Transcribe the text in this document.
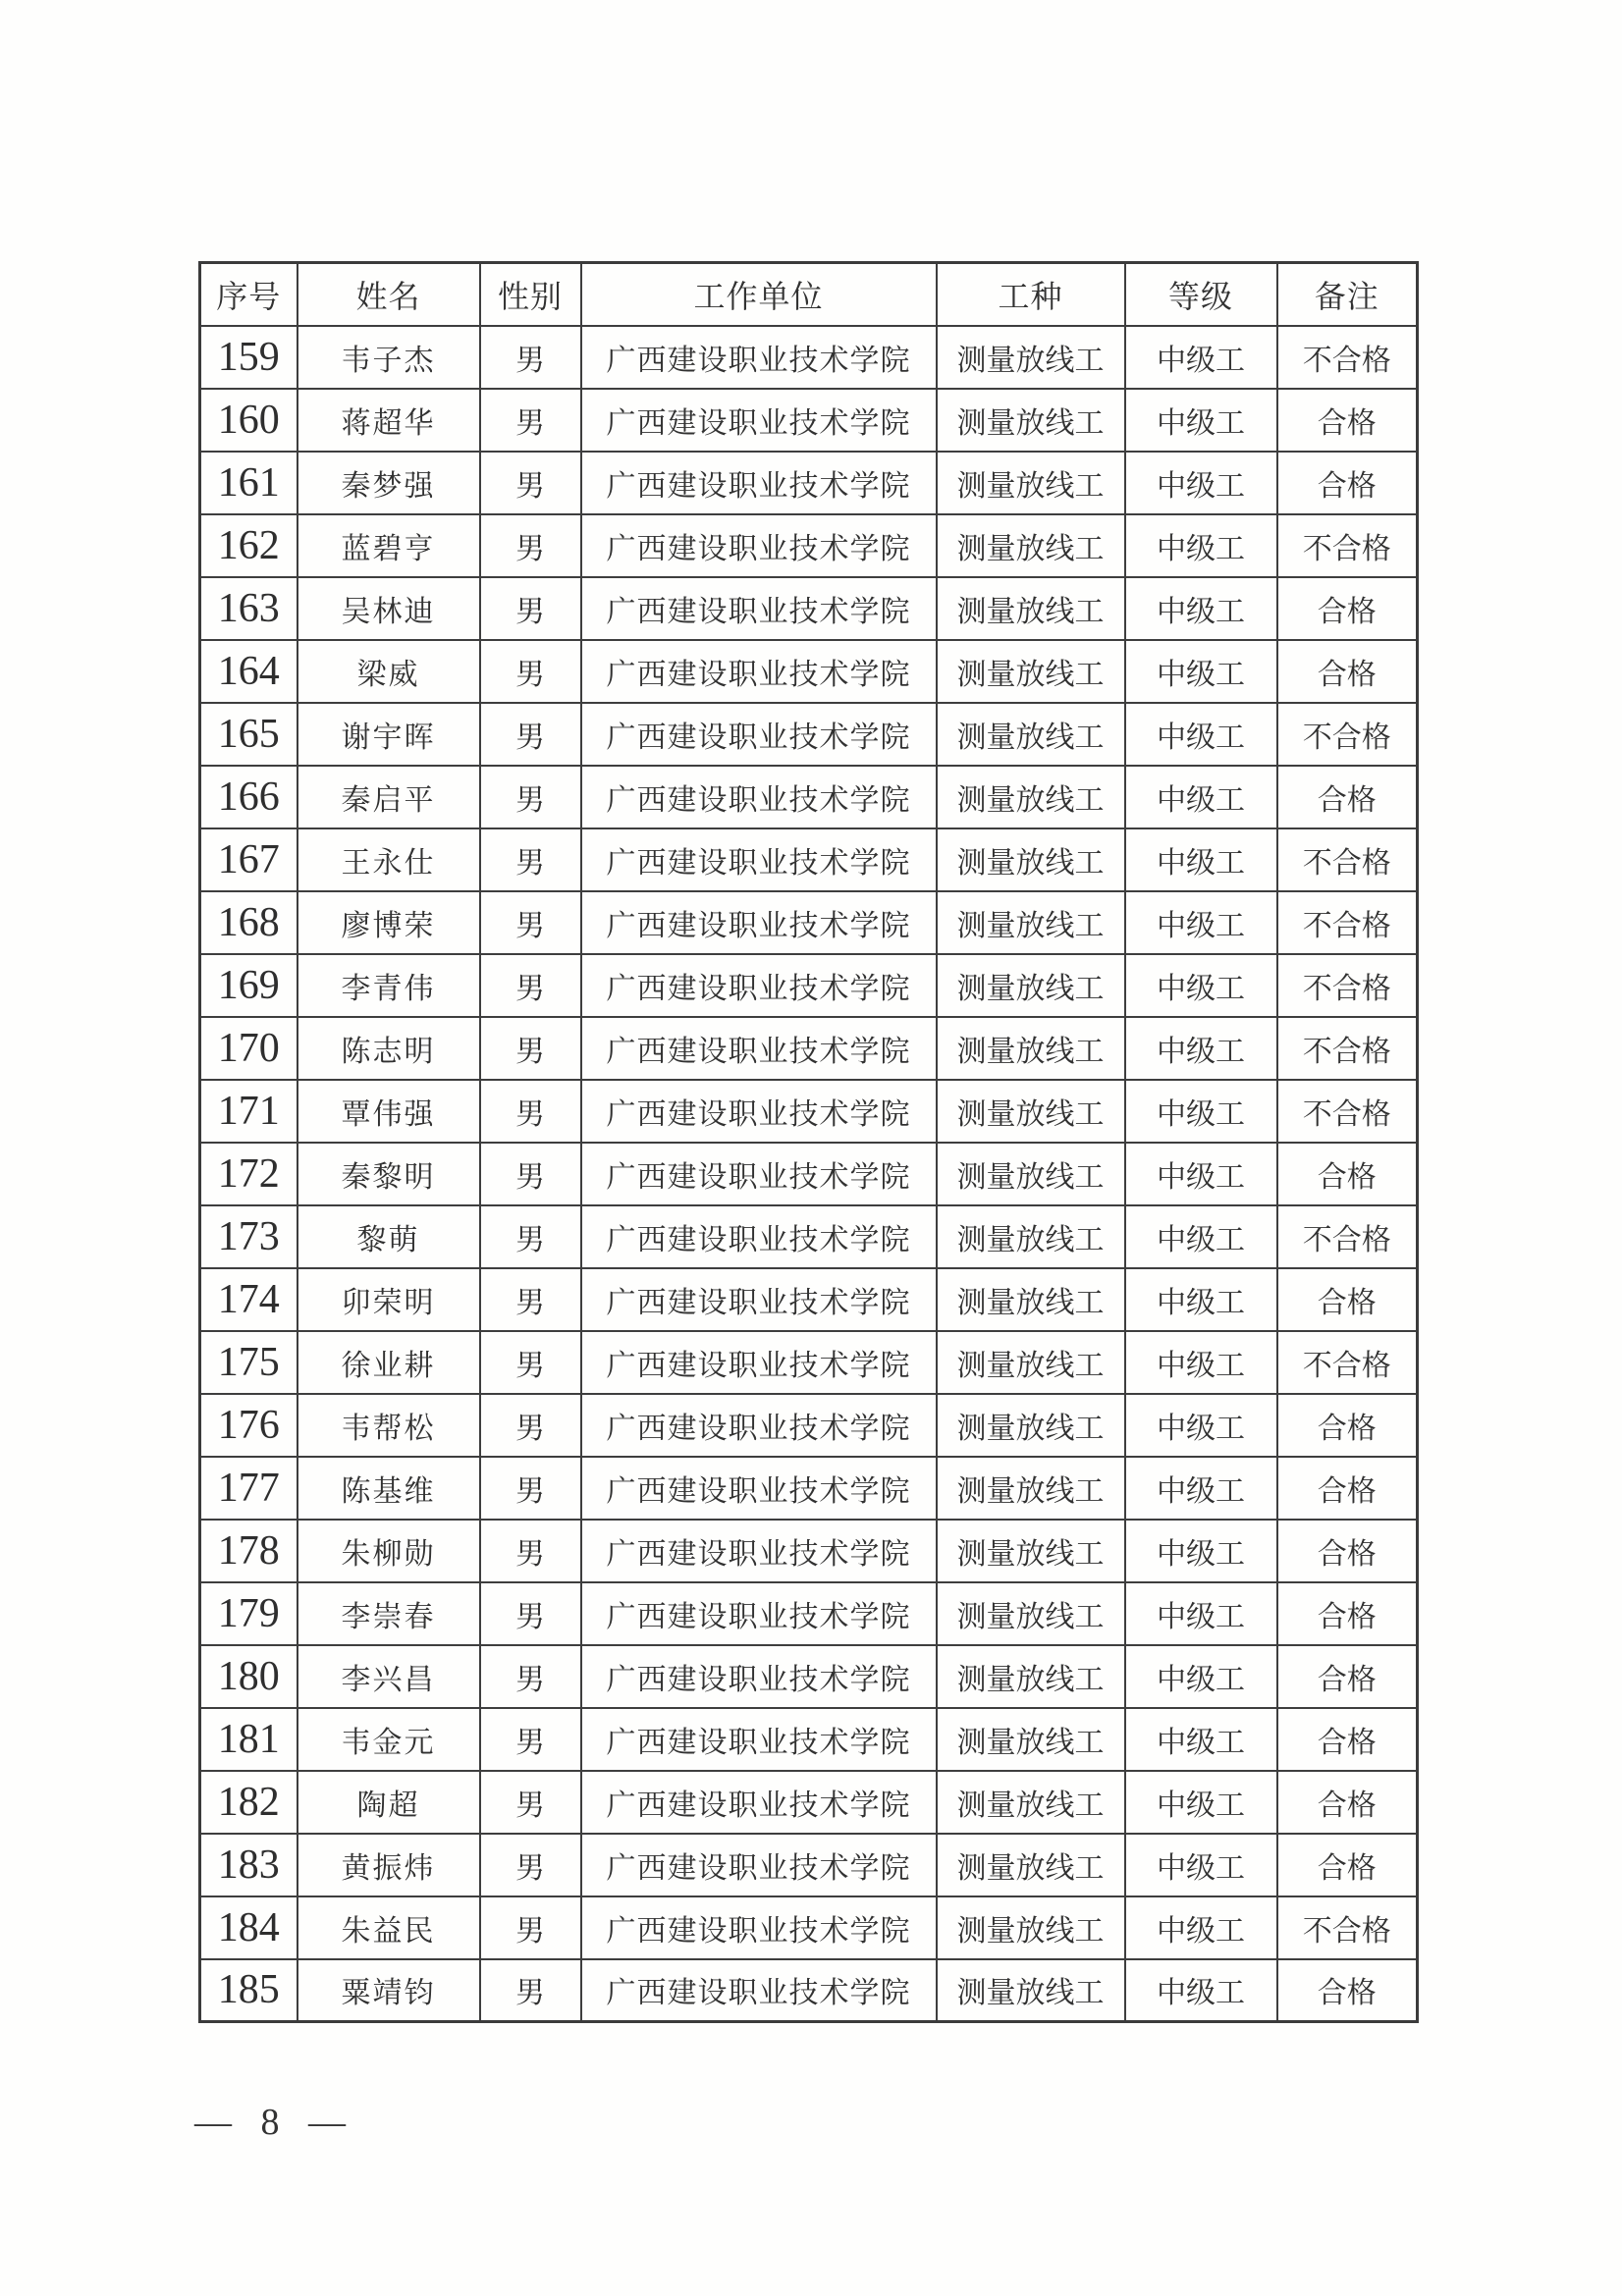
序号	姓名	性别	工作单位	工种	等级	备注
159	韦子杰	男	广西建设职业技术学院	测量放线工	中级工	不合格
160	蒋超华	男	广西建设职业技术学院	测量放线工	中级工	合格
161	秦梦强	男	广西建设职业技术学院	测量放线工	中级工	合格
162	蓝碧亨	男	广西建设职业技术学院	测量放线工	中级工	不合格
163	吴林迪	男	广西建设职业技术学院	测量放线工	中级工	合格
164	梁威	男	广西建设职业技术学院	测量放线工	中级工	合格
165	谢宇晖	男	广西建设职业技术学院	测量放线工	中级工	不合格
166	秦启平	男	广西建设职业技术学院	测量放线工	中级工	合格
167	王永仕	男	广西建设职业技术学院	测量放线工	中级工	不合格
168	廖博荣	男	广西建设职业技术学院	测量放线工	中级工	不合格
169	李青伟	男	广西建设职业技术学院	测量放线工	中级工	不合格
170	陈志明	男	广西建设职业技术学院	测量放线工	中级工	不合格
171	覃伟强	男	广西建设职业技术学院	测量放线工	中级工	不合格
172	秦黎明	男	广西建设职业技术学院	测量放线工	中级工	合格
173	黎萌	男	广西建设职业技术学院	测量放线工	中级工	不合格
174	卯荣明	男	广西建设职业技术学院	测量放线工	中级工	合格
175	徐业耕	男	广西建设职业技术学院	测量放线工	中级工	不合格
176	韦帮松	男	广西建设职业技术学院	测量放线工	中级工	合格
177	陈基维	男	广西建设职业技术学院	测量放线工	中级工	合格
178	朱柳勋	男	广西建设职业技术学院	测量放线工	中级工	合格
179	李崇春	男	广西建设职业技术学院	测量放线工	中级工	合格
180	李兴昌	男	广西建设职业技术学院	测量放线工	中级工	合格
181	韦金元	男	广西建设职业技术学院	测量放线工	中级工	合格
182	陶超	男	广西建设职业技术学院	测量放线工	中级工	合格
183	黄振炜	男	广西建设职业技术学院	测量放线工	中级工	合格
184	朱益民	男	广西建设职业技术学院	测量放线工	中级工	不合格
185	粟靖钧	男	广西建设职业技术学院	测量放线工	中级工	合格
— 8 —
